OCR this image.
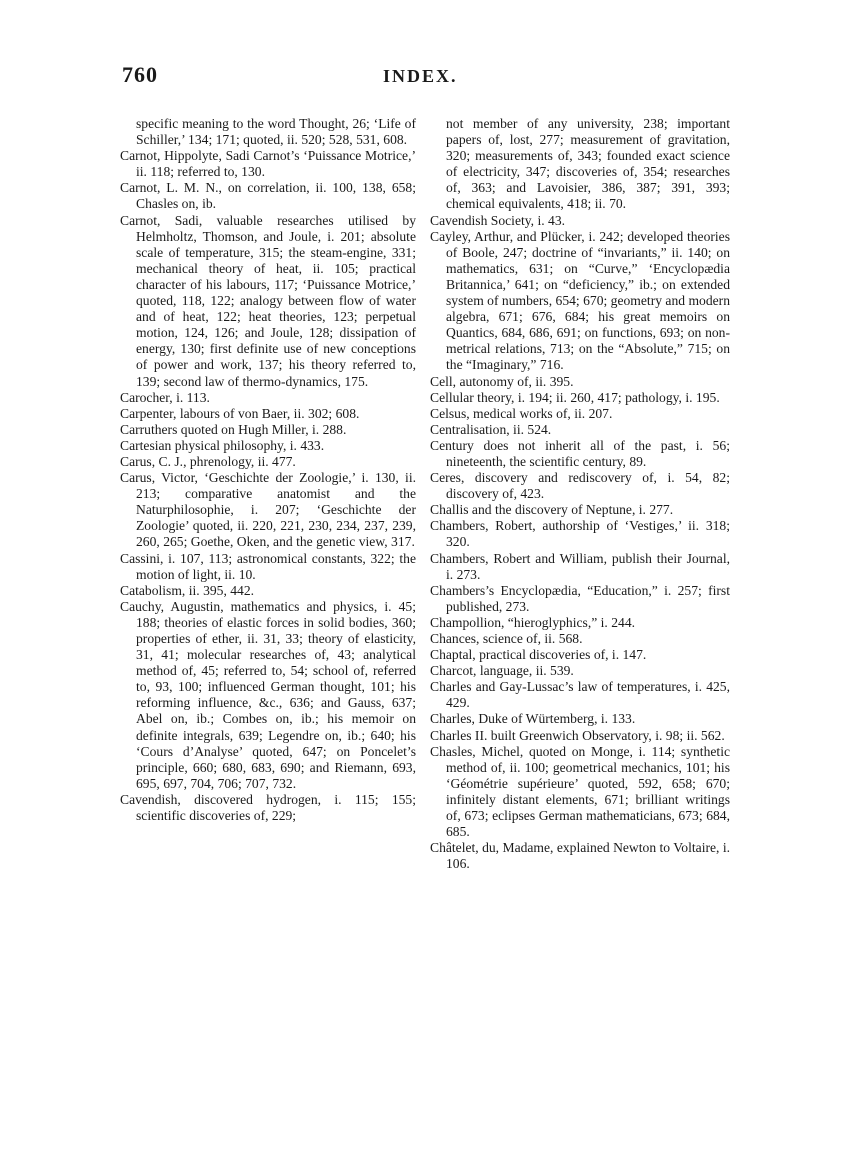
760	INDEX.

specific meaning to the word Thought, 26; ‘Life of Schiller,’ 134; 171; quoted, ii. 520; 528, 531, 608.

Carnot, Hippolyte, Sadi Carnot’s ‘Puissance Motrice,’ ii. 118; referred to, 130.

Carnot, L. M. N., on correlation, ii. 100, 138, 658; Chasles on, ib.

Carnot, Sadi, valuable researches utilised by Helmholtz, Thomson, and Joule, i. 201; absolute scale of temperature, 315; the steam-engine, 331; mechanical theory of heat, ii. 105; practical character of his labours, 117; ‘Puissance Motrice,’ quoted, 118, 122; analogy between flow of water and of heat, 122; heat theories, 123; perpetual motion, 124, 126; and Joule, 128; dissipation of energy, 130; first definite use of new conceptions of power and work, 137; his theory referred to, 139; second law of thermo-dynamics, 175.

Carocher, i. 113.

Carpenter, labours of von Baer, ii. 302; 608.

Carruthers quoted on Hugh Miller, i. 288.

Cartesian physical philosophy, i. 433.

Carus, C. J., phrenology, ii. 477.

Carus, Victor, ‘Geschichte der Zoologie,’ i. 130, ii. 213; comparative anatomist and the Naturphilosophie, i. 207; ‘Geschichte der Zoologie’ quoted, ii. 220, 221, 230, 234, 237, 239, 260, 265; Goethe, Oken, and the genetic view, 317.

Cassini, i. 107, 113; astronomical constants, 322; the motion of light, ii. 10.

Catabolism, ii. 395, 442.

Cauchy, Augustin, mathematics and physics, i. 45; 188; theories of elastic forces in solid bodies, 360; properties of ether, ii. 31, 33; theory of elasticity, 31, 41; molecular researches of, 43; analytical method of, 45; referred to, 54; school of, referred to, 93, 100; influenced German thought, 101; his reforming influence, &c., 636; and Gauss, 637; Abel on, ib.; Combes on, ib.; his memoir on definite integrals, 639; Legendre on, ib.; 640; his ‘Cours d’Analyse’ quoted, 647; on Poncelet’s principle, 660; 680, 683, 690; and Riemann, 693, 695, 697, 704, 706; 707, 732.

Cavendish, discovered hydrogen, i. 115; 155; scientific discoveries of, 229;

not member of any university, 238; important papers of, lost, 277; measurement of gravitation, 320; measurements of, 343; founded exact science of electricity, 347; discoveries of, 354; researches of, 363; and Lavoisier, 386, 387; 391, 393; chemical equivalents, 418; ii. 70.

Cavendish Society, i. 43.

Cayley, Arthur, and Plücker, i. 242; developed theories of Boole, 247; doctrine of “invariants,” ii. 140; on mathematics, 631; on “Curve,” ‘Encyclopædia Britannica,’ 641; on “deficiency,” ib.; on extended system of numbers, 654; 670; geometry and modern algebra, 671; 676, 684; his great memoirs on Quantics, 684, 686, 691; on functions, 693; on non-metrical relations, 713; on the “Absolute,” 715; on the “Imaginary,” 716.

Cell, autonomy of, ii. 395.

Cellular theory, i. 194; ii. 260, 417; pathology, i. 195.

Celsus, medical works of, ii. 207.

Centralisation, ii. 524.

Century does not inherit all of the past, i. 56; nineteenth, the scientific century, 89.

Ceres, discovery and rediscovery of, i. 54, 82; discovery of, 423.

Challis and the discovery of Neptune, i. 277.

Chambers, Robert, authorship of ‘Vestiges,’ ii. 318; 320.

Chambers, Robert and William, publish their Journal, i. 273.

Chambers’s Encyclopædia, “Education,” i. 257; first published, 273.

Champollion, “hieroglyphics,” i. 244.

Chances, science of, ii. 568.

Chaptal, practical discoveries of, i. 147.

Charcot, language, ii. 539.

Charles and Gay-Lussac’s law of temperatures, i. 425, 429.

Charles, Duke of Würtemberg, i. 133.

Charles II. built Greenwich Observatory, i. 98; ii. 562.

Chasles, Michel, quoted on Monge, i. 114; synthetic method of, ii. 100; geometrical mechanics, 101; his ‘Géométrie supérieure’ quoted, 592, 658; 670; infinitely distant elements, 671; brilliant writings of, 673; eclipses German mathematicians, 673; 684, 685.

Châtelet, du, Madame, explained Newton to Voltaire, i. 106.
